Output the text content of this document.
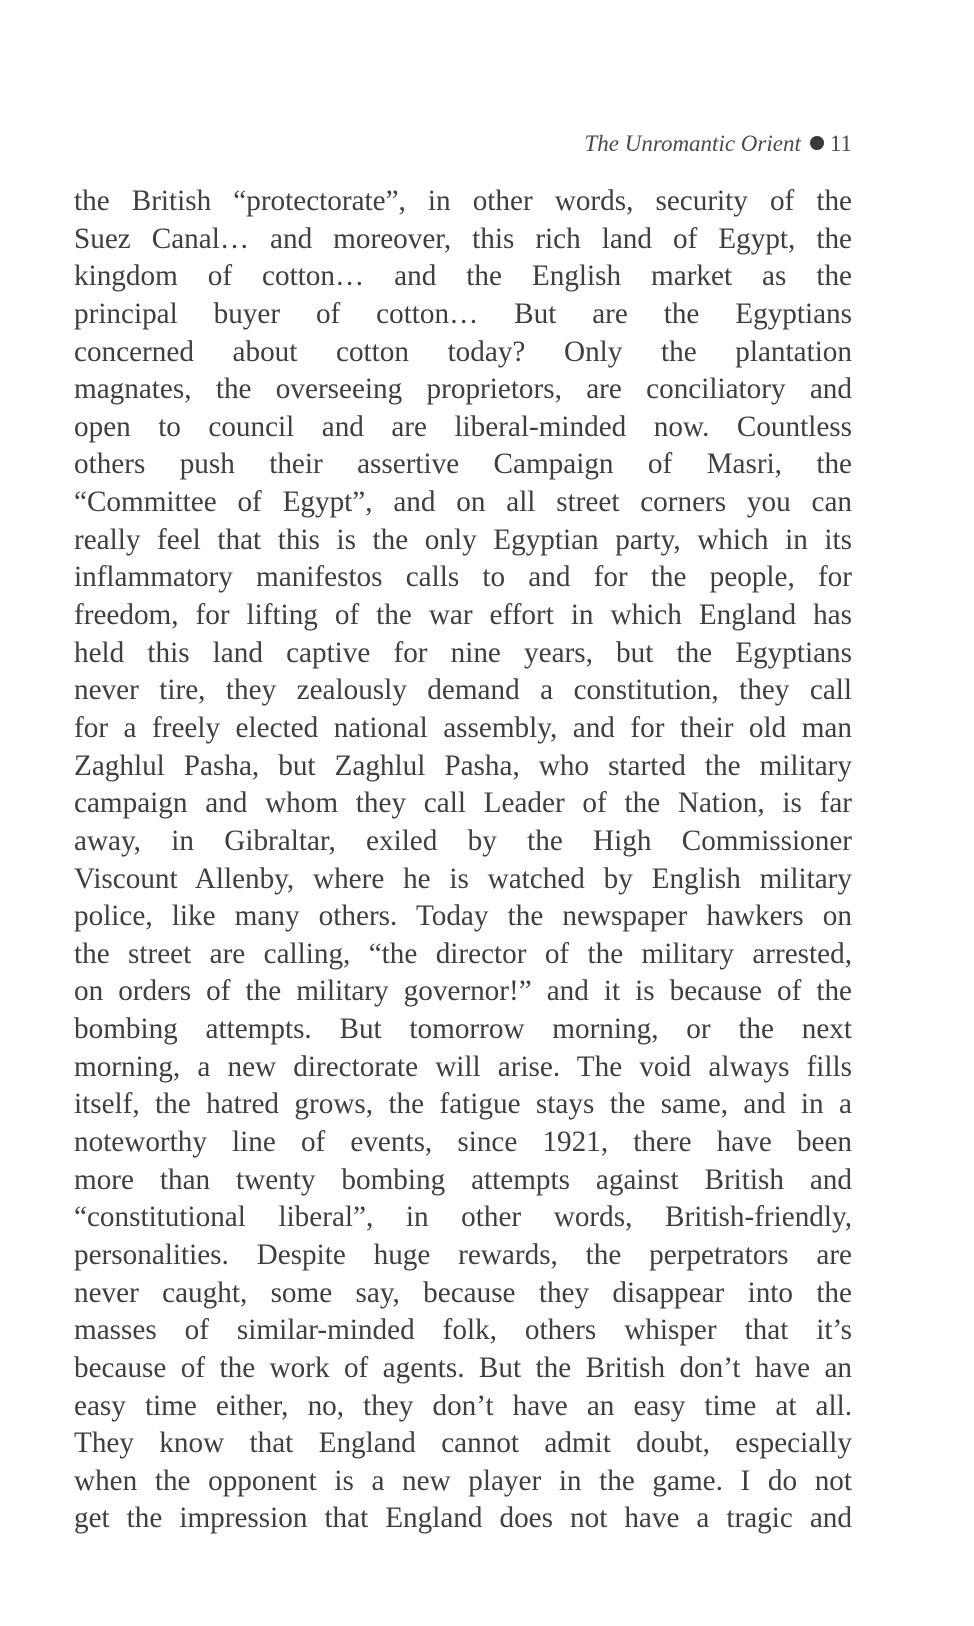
The Unromantic Orient 11
the British “protectorate”, in other words, security of the
Suez Canal… and moreover, this rich land of Egypt, the
kingdom of cotton… and the English market as the
principal buyer of cotton… But are the Egyptians
concerned about cotton today? Only the plantation
magnates, the overseeing proprietors, are conciliatory and
open to council and are liberal-minded now. Countless
others push their assertive Campaign of Masri, the
“Committee of Egypt”, and on all street corners you can
really feel that this is the only Egyptian party, which in its
inflammatory manifestos calls to and for the people, for
freedom, for lifting of the war effort in which England has
held this land captive for nine years, but the Egyptians
never tire, they zealously demand a constitution, they call
for a freely elected national assembly, and for their old man
Zaghlul Pasha, but Zaghlul Pasha, who started the military
campaign and whom they call Leader of the Nation, is far
away, in Gibraltar, exiled by the High Commissioner
Viscount Allenby, where he is watched by English military
police, like many others. Today the newspaper hawkers on
the street are calling, “the director of the military arrested,
on orders of the military governor!” and it is because of the
bombing attempts. But tomorrow morning, or the next
morning, a new directorate will arise. The void always fills
itself, the hatred grows, the fatigue stays the same, and in a
noteworthy line of events, since 1921, there have been
more than twenty bombing attempts against British and
“constitutional liberal”, in other words, British-friendly,
personalities. Despite huge rewards, the perpetrators are
never caught, some say, because they disappear into the
masses of similar-minded folk, others whisper that it’s
because of the work of agents. But the British don’t have an
easy time either, no, they don’t have an easy time at all.
They know that England cannot admit doubt, especially
when the opponent is a new player in the game. I do not
get the impression that England does not have a tragic and
